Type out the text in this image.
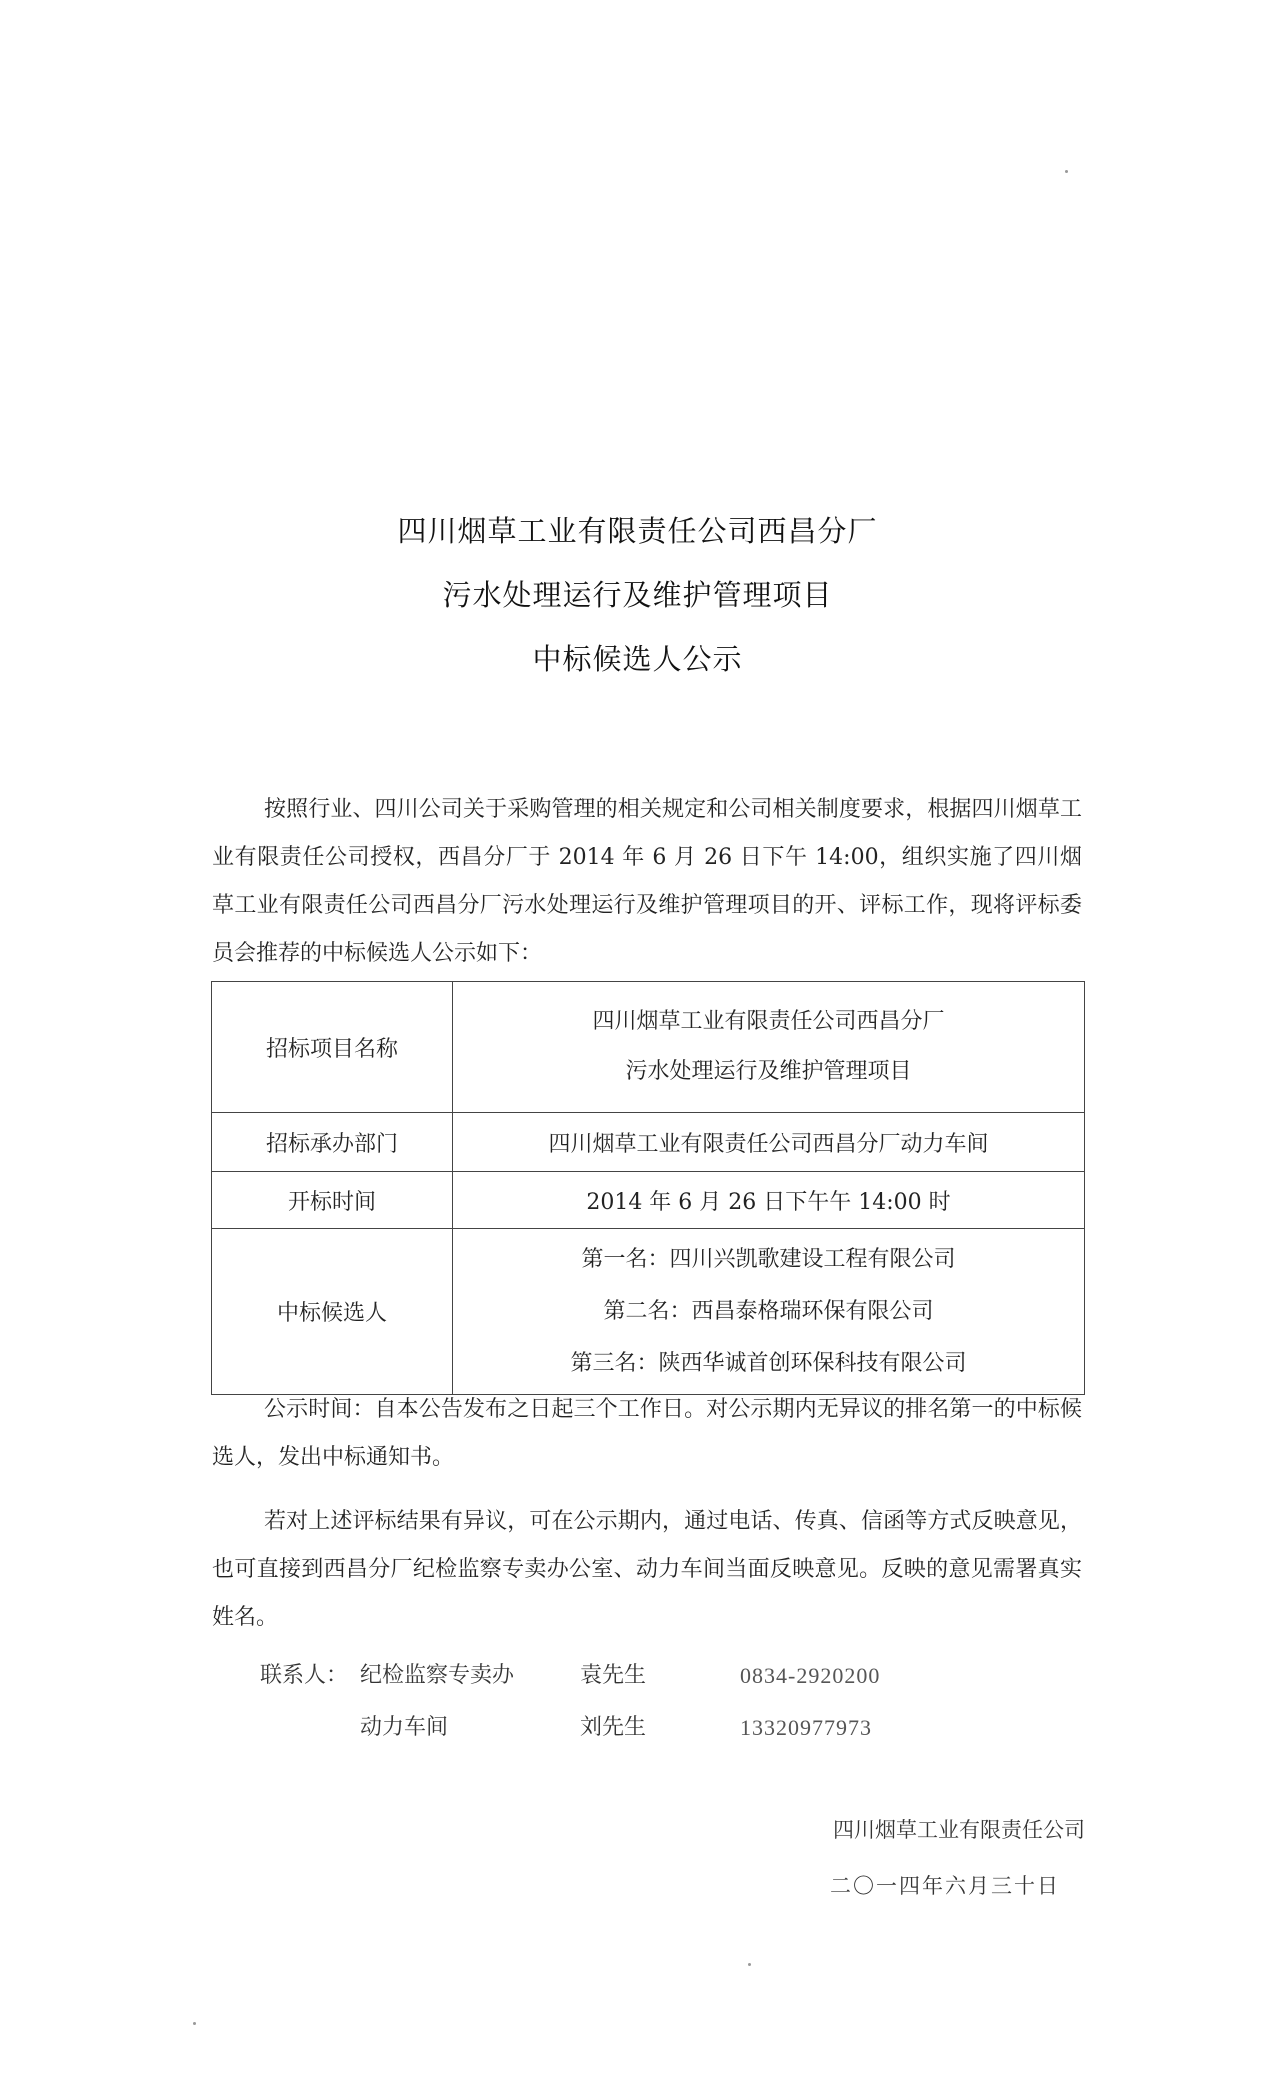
四川烟草工业有限责任公司西昌分厂
污水处理运行及维护管理项目
中标候选人公示
按照行业、四川公司关于采购管理的相关规定和公司相关制度要求，根据四川烟草工业有限责任公司授权，西昌分厂于 2014 年 6 月 26 日下午 14:00，组织实施了四川烟草工业有限责任公司西昌分厂污水处理运行及维护管理项目的开、评标工作，现将评标委员会推荐的中标候选人公示如下：
招标项目名称	四川烟草工业有限责任公司西昌分厂
污水处理运行及维护管理项目

招标承办部门	四川烟草工业有限责任公司西昌分厂动力车间
开标时间	2014 年 6 月 26 日下午午 14:00 时
中标候选人	第一名：四川兴凯歌建设工程有限公司
第二名：西昌泰格瑞环保有限公司
第三名：陕西华诚首创环保科技有限公司
公示时间：自本公告发布之日起三个工作日。对公示期内无异议的排名第一的中标候选人，发出中标通知书。
若对上述评标结果有异议，可在公示期内，通过电话、传真、信函等方式反映意见，也可直接到西昌分厂纪检监察专卖办公室、动力车间当面反映意见。反映的意见需署真实姓名。
联系人： 纪检监察专卖办	袁先生	0834-2920200
动力车间	刘先生	13320977973
四川烟草工业有限责任公司
二〇一四年六月三十日
